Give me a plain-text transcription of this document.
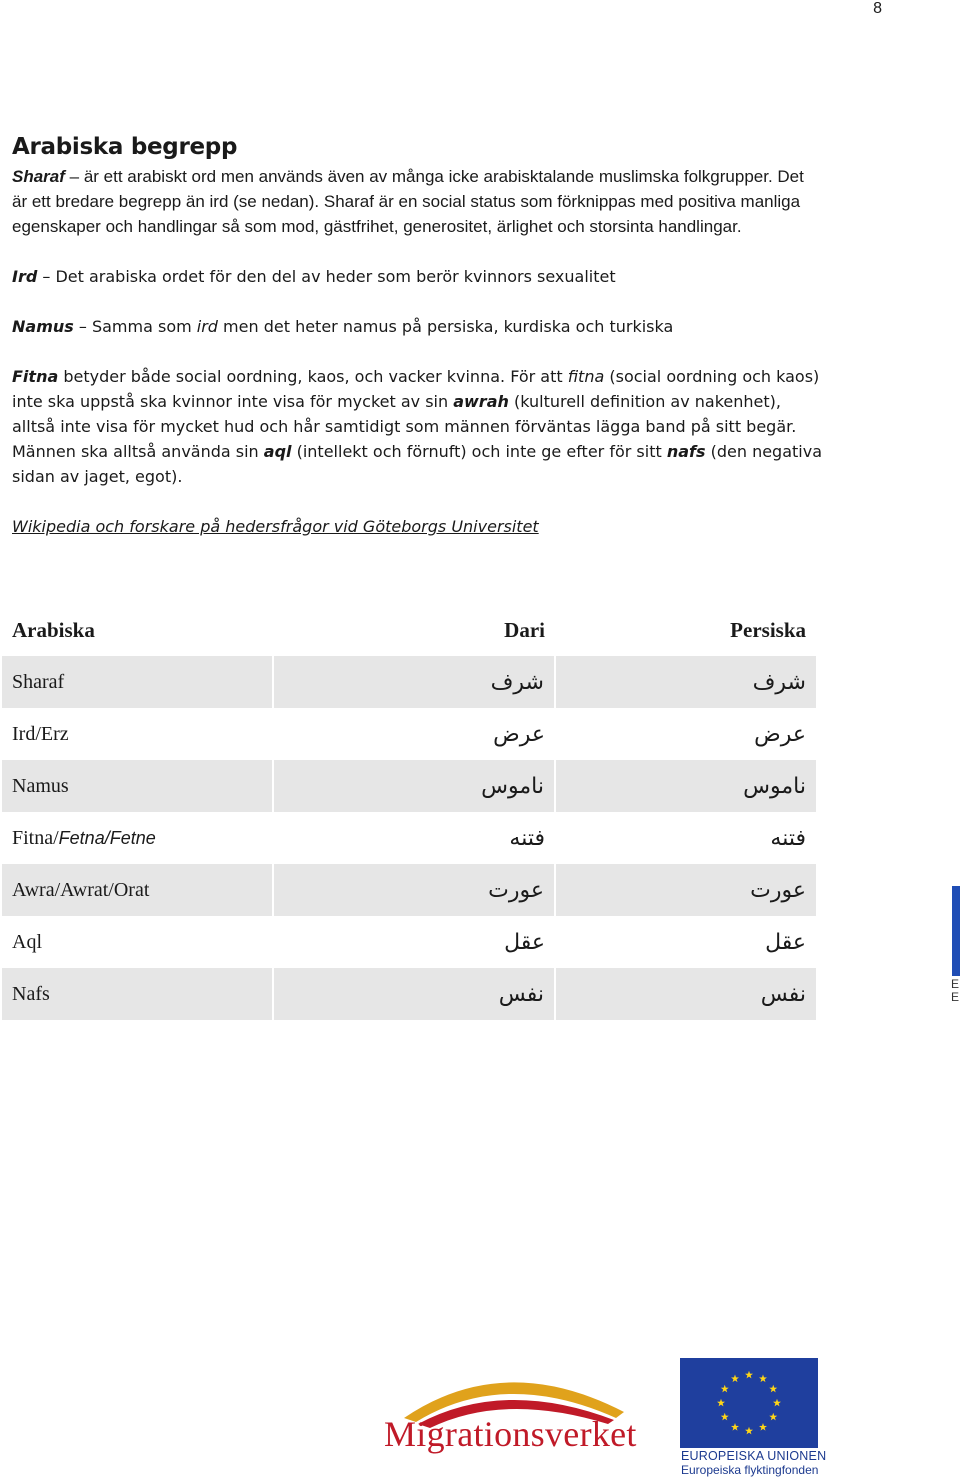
8
Arabiska begrepp

Sharaf – är ett arabiskt ord men används även av många icke arabisktalande muslimska folkgrupper. Det är ett bredare begrepp än ird (se nedan). Sharaf är en social status som förknippas med positiva manliga egenskaper och handlingar så som mod, gästfrihet, generositet, ärlighet och storsinta handlingar.

Ird – Det arabiska ordet för den del av heder som berör kvinnors sexualitet

Namus – Samma som ird men det heter namus på persiska, kurdiska och turkiska

Fitna betyder både social oordning, kaos, och vacker kvinna. För att fitna (social oordning och kaos) inte ska uppstå ska kvinnor inte visa för mycket av sin awrah (kulturell definition av nakenhet), alltså inte visa för mycket hud och hår samtidigt som männen förväntas lägga band på sitt begär. Männen ska alltså använda sin aql (intellekt och förnuft) och inte ge efter för sitt nafs (den negativa sidan av jaget, egot).

Wikipedia och forskare på hedersfrågor vid Göteborgs Universitet

Arabiska	Dari	Persiska
Sharaf	شرف	شرف
Ird/Erz	عرض	عرض
Namus	ناموس	ناموس
Fitna/Fetna/Fetne	فتنه	فتنه
Awra/Awrat/Orat	عورت	عورت
Aql	عقل	عقل
Nafs	نفس	نفس	E
E
Migrationsverket
EUROPEISKA UNIONEN
Europeiska flyktingfonden
